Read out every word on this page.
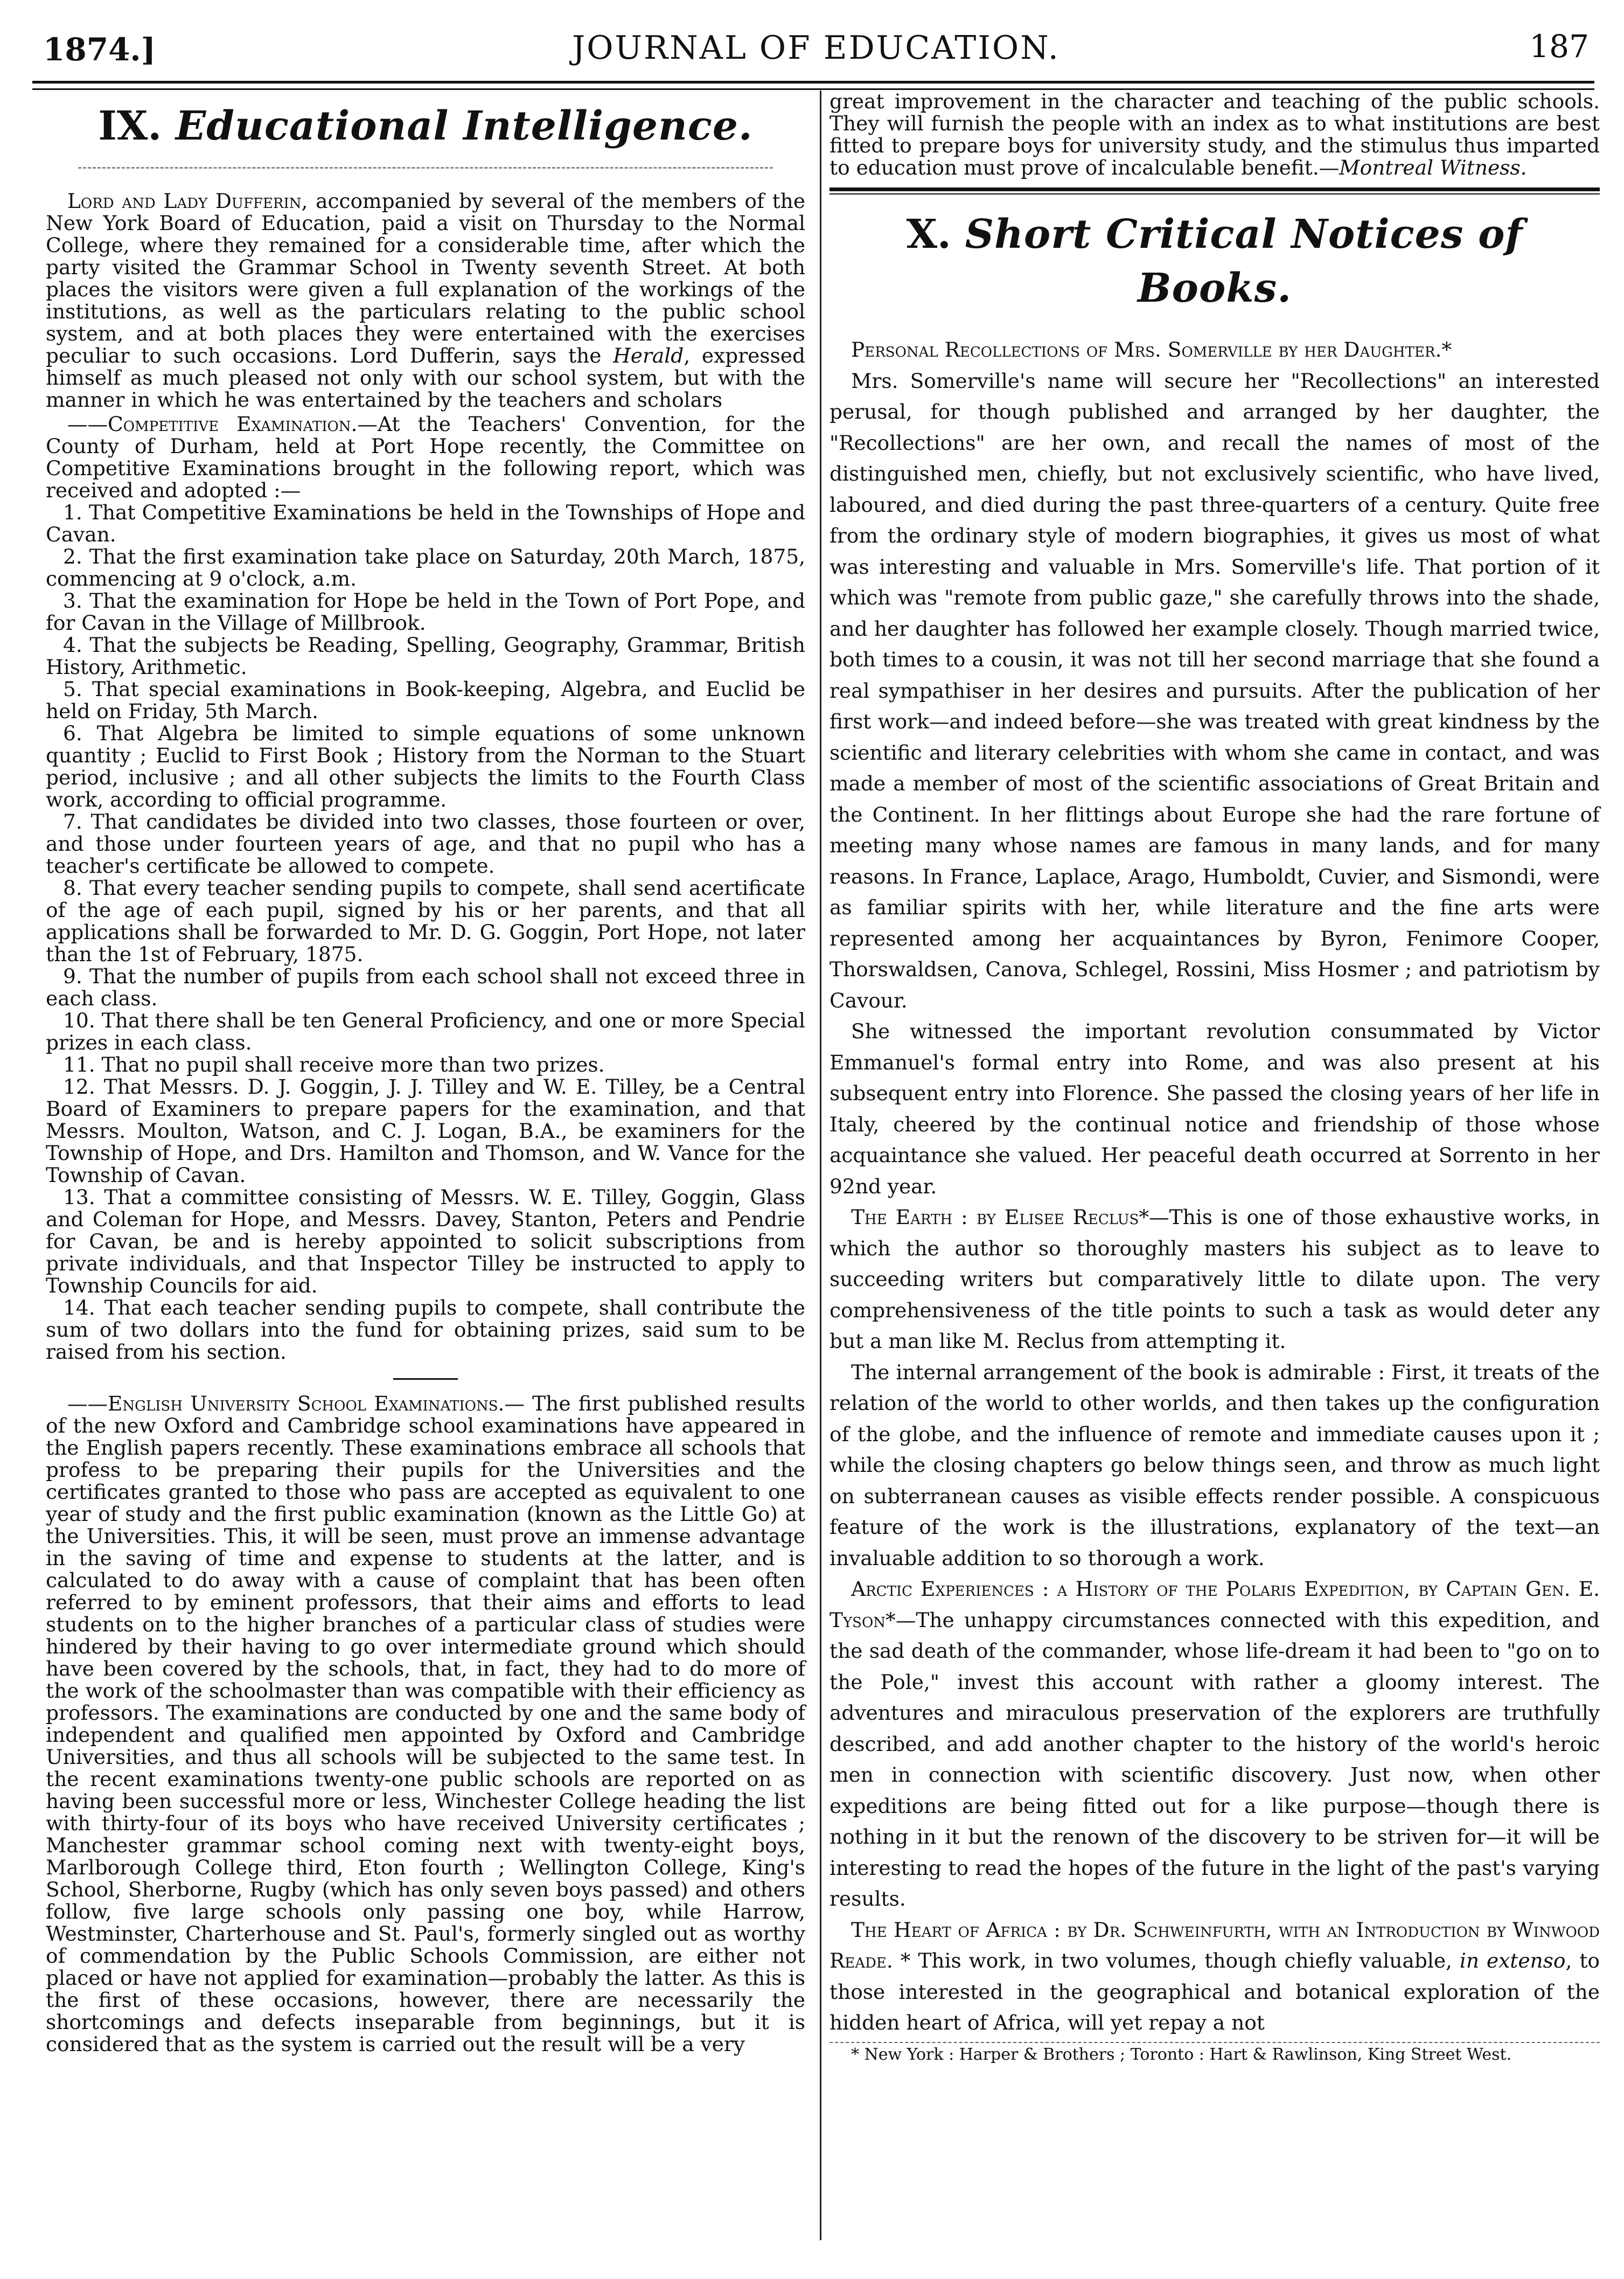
1874.]	JOURNAL OF EDUCATION.	187
IX. Educational Intelligence.

Lord and Lady Dufferin, accompanied by several of the members of the New York Board of Education, paid a visit on Thursday to the Normal College, where they remained for a considerable time, after which the party visited the Grammar School in Twenty seventh Street. At both places the visitors were given a full explanation of the workings of the institutions, as well as the particulars relating to the public school system, and at both places they were entertained with the exercises peculiar to such occasions. Lord Dufferin, says the Herald, expressed himself as much pleased not only with our school system, but with the manner in which he was entertained by the teachers and scholars

——Competitive Examination.—At the Teachers' Convention, for the County of Durham, held at Port Hope recently, the Committee on Competitive Examinations brought in the following report, which was received and adopted :—

1. That Competitive Examinations be held in the Townships of Hope and Cavan.

2. That the first examination take place on Saturday, 20th March, 1875, commencing at 9 o'clock, a.m.

3. That the examination for Hope be held in the Town of Port Pope, and for Cavan in the Village of Millbrook.

4. That the subjects be Reading, Spelling, Geography, Grammar, British History, Arithmetic.

5. That special examinations in Book-keeping, Algebra, and Euclid be held on Friday, 5th March.

6. That Algebra be limited to simple equations of some unknown quantity ; Euclid to First Book ; History from the Norman to the Stuart period, inclusive ; and all other subjects the limits to the Fourth Class work, according to official programme.

7. That candidates be divided into two classes, those fourteen or over, and those under fourteen years of age, and that no pupil who has a teacher's certificate be allowed to compete.

8. That every teacher sending pupils to compete, shall send acertificate of the age of each pupil, signed by his or her parents, and that all applications shall be forwarded to Mr. D. G. Goggin, Port Hope, not later than the 1st of February, 1875.

9. That the number of pupils from each school shall not exceed three in each class.

10. That there shall be ten General Proficiency, and one or more Special prizes in each class.

11. That no pupil shall receive more than two prizes.

12. That Messrs. D. J. Goggin, J. J. Tilley and W. E. Tilley, be a Central Board of Examiners to prepare papers for the examination, and that Messrs. Moulton, Watson, and C. J. Logan, B.A., be examiners for the Township of Hope, and Drs. Hamilton and Thomson, and W. Vance for the Township of Cavan.

13. That a committee consisting of Messrs. W. E. Tilley, Goggin, Glass and Coleman for Hope, and Messrs. Davey, Stanton, Peters and Pendrie for Cavan, be and is hereby appointed to solicit subscriptions from private individuals, and that Inspector Tilley be instructed to apply to Township Councils for aid.

14. That each teacher sending pupils to compete, shall contribute the sum of two dollars into the fund for obtaining prizes, said sum to be raised from his section.

——English University School Examinations.— The first published results of the new Oxford and Cambridge school examinations have appeared in the English papers recently. These examinations embrace all schools that profess to be preparing their pupils for the Universities and the certificates granted to those who pass are accepted as equivalent to one year of study and the first public examination (known as the Little Go) at the Universities. This, it will be seen, must prove an immense advantage in the saving of time and expense to students at the latter, and is calculated to do away with a cause of complaint that has been often referred to by eminent professors, that their aims and efforts to lead students on to the higher branches of a particular class of studies were hindered by their having to go over intermediate ground which should have been covered by the schools, that, in fact, they had to do more of the work of the schoolmaster than was compatible with their efficiency as professors. The examinations are conducted by one and the same body of independent and qualified men appointed by Oxford and Cambridge Universities, and thus all schools will be subjected to the same test. In the recent examinations twenty-one public schools are reported on as having been successful more or less, Winchester College heading the list with thirty-four of its boys who have received University certificates ; Manchester grammar school coming next with twenty-eight boys, Marlborough College third, Eton fourth ; Wellington College, King's School, Sherborne, Rugby (which has only seven boys passed) and others follow, five large schools only passing one boy, while Harrow, Westminster, Charterhouse and St. Paul's, formerly singled out as worthy of commendation by the Public Schools Commission, are either not placed or have not applied for examination—probably the latter. As this is the first of these occasions, however, there are necessarily the shortcomings and defects inseparable from beginnings, but it is considered that as the system is carried out the result will be a very

great improvement in the character and teaching of the public schools. They will furnish the people with an index as to what institutions are best fitted to prepare boys for university study, and the stimulus thus imparted to education must prove of incalculable benefit.—Montreal Witness.

X. Short Critical Notices of Books.

Personal Recollections of Mrs. Somerville by her Daughter.*

Mrs. Somerville's name will secure her "Recollections" an interested perusal, for though published and arranged by her daughter, the "Recollections" are her own, and recall the names of most of the distinguished men, chiefly, but not exclusively scientific, who have lived, laboured, and died during the past three-quarters of a century. Quite free from the ordinary style of modern biographies, it gives us most of what was interesting and valuable in Mrs. Somerville's life. That portion of it which was "remote from public gaze," she carefully throws into the shade, and her daughter has followed her example closely. Though married twice, both times to a cousin, it was not till her second marriage that she found a real sympathiser in her desires and pursuits. After the publication of her first work—and indeed before—she was treated with great kindness by the scientific and literary celebrities with whom she came in contact, and was made a member of most of the scientific associations of Great Britain and the Continent. In her flittings about Europe she had the rare fortune of meeting many whose names are famous in many lands, and for many reasons. In France, Laplace, Arago, Humboldt, Cuvier, and Sismondi, were as familiar spirits with her, while literature and the fine arts were represented among her acquaintances by Byron, Fenimore Cooper, Thorswaldsen, Canova, Schlegel, Rossini, Miss Hosmer ; and patriotism by Cavour.

She witnessed the important revolution consummated by Victor Emmanuel's formal entry into Rome, and was also present at his subsequent entry into Florence. She passed the closing years of her life in Italy, cheered by the continual notice and friendship of those whose acquaintance she valued. Her peaceful death occurred at Sorrento in her 92nd year.

The Earth : by Elisee Reclus*—This is one of those exhaustive works, in which the author so thoroughly masters his subject as to leave to succeeding writers but comparatively little to dilate upon. The very comprehensiveness of the title points to such a task as would deter any but a man like M. Reclus from attempting it.

The internal arrangement of the book is admirable : First, it treats of the relation of the world to other worlds, and then takes up the configuration of the globe, and the influence of remote and immediate causes upon it ; while the closing chapters go below things seen, and throw as much light on subterranean causes as visible effects render possible. A conspicuous feature of the work is the illustrations, explanatory of the text—an invaluable addition to so thorough a work.

Arctic Experiences : a History of the Polaris Expedition, by Captain Gen. E. Tyson*—The unhappy circumstances connected with this expedition, and the sad death of the commander, whose life-dream it had been to "go on to the Pole," invest this account with rather a gloomy interest. The adventures and miraculous preservation of the explorers are truthfully described, and add another chapter to the history of the world's heroic men in connection with scientific discovery. Just now, when other expeditions are being fitted out for a like purpose—though there is nothing in it but the renown of the discovery to be striven for—it will be interesting to read the hopes of the future in the light of the past's varying results.

The Heart of Africa : by Dr. Schweinfurth, with an Introduction by Winwood Reade. * This work, in two volumes, though chiefly valuable, in extenso, to those interested in the geographical and botanical exploration of the hidden heart of Africa, will yet repay a not

* New York : Harper & Brothers ; Toronto : Hart & Rawlinson, King Street West.
